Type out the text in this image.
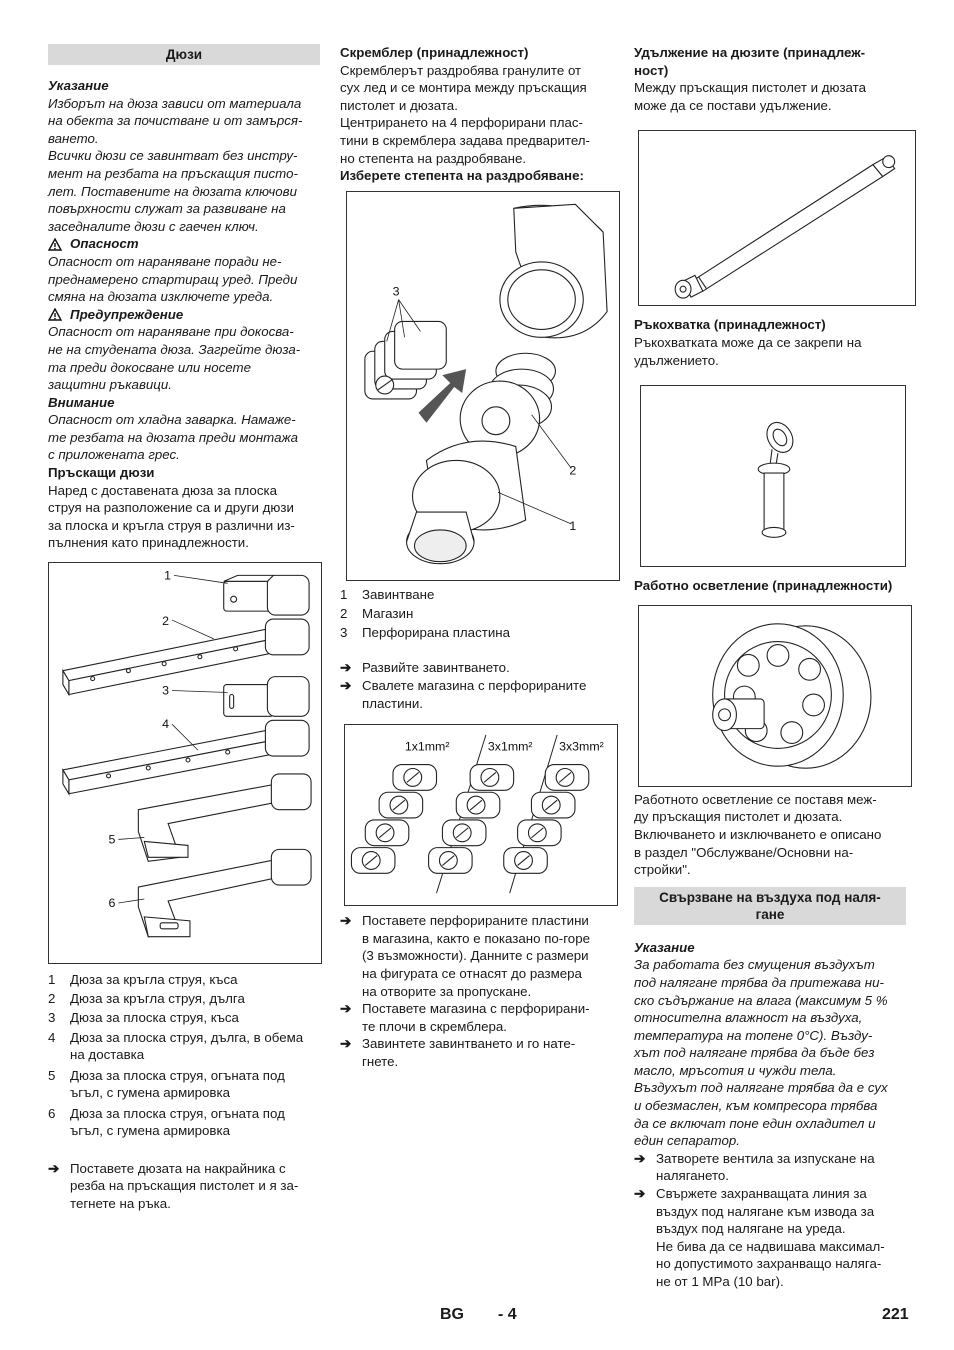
Дюзи

Указание

Изборът на дюза зависи от материала
на обекта за почистване и от замърся-
ването.
Всички дюзи се завинтват без инстру-
мент на резбата на пръскащия писто-
лет. Поставените на дюзата ключови
повърхности служат за развиване на
заседналите дюзи с гаечен ключ.
Опасност
Опасност от нараняване поради не-
преднамерено стартиращ уред. Преди
смяна на дюзата изключете уреда.
Предупреждение
Опасност от нараняване при докосва-
не на студената дюза. Загрейте дюза-
та преди докосване или носете
защитни ръкавици.

Внимание

Опасност от хладна заварка. Намаже-
те резбата на дюзата преди монтажа
с приложената грес.

Пръскащи дюзи

Наред с доставената дюза за плоска
струя на разположение са и други дюзи
за плоска и кръгла струя в различни из-
пълнения като принадлежности.
1
2
3
4
5
6
1	Дюза за кръгла струя, къса
2	Дюза за кръгла струя, дълга
3	Дюза за плоска струя, къса
4	Дюза за плоска струя, дълга, в обема
на доставка
5	Дюза за плоска струя, огъната под
ъгъл, с гумена армировка
6	Дюза за плоска струя, огъната под
ъгъл, с гумена армировка
➔ Поставете дюзата на накрайника с
резба на пръскащия пистолет и я за-
тегнете на ръка.

Скремблер (принадлежност)

Скремблерът раздробява гранулите от
сух лед и се монтира между пръскащия
пистолет и дюзата.
Центрирането на 4 перфорирани плас-
тини в скремблера задава предварител-
но степента на раздробяване.

Изберете степента на раздробяване:

3
2
1
1	Завинтване
2	Магазин
3	Перфорирана пластина
➔ Развийте завинтването.
➔ Свалете магазина с перфорираните
пластини.
1x1mm²	3x1mm² 3x3mm²
➔ Поставете перфорираните пластини
в магазина, както е показано по-горе
(3 възможности). Данните с размери
на фигурата се отнасят до размера
на отворите за пропускане.
➔ Поставете магазина с перфорирани-
те плочи в скремблера.
➔ Завинтете завинтването и го нате-
гнете.
Удължение на дюзите (принадлеж-
ност)
Между пръскащия пистолет и дюзата
може да се постави удължение.

Ръкохватка (принадлежност)

Ръкохватката може да се закрепи на
удължението.

Работно осветление (принадлежности)

Работното осветление се поставя меж-
ду пръскащия пистолет и дюзата.
Включването и изключването е описано
в раздел "Обслужване/Основни на-
стройки".
Свързване на въздуха под наля-
гане

Указание

За работата без смущения въздухът
под налягане трябва да притежава ни-
ско съдържание на влага (максимум 5 %
относителна влажност на въздуха,
температура на топене 0°C). Възду-
хът под налягане трябва да бъде без
масло, мръсотия и чужди тела.
Въздухът под налягане трябва да е сух
и обезмаслен, към компресора трябва
да се включат поне един охладител и
един сепаратор.
➔ Затворете вентила за изпускане на
налягането.
➔ Свържете захранващата линия за
въздух под налягане към извода за
въздух под налягане на уреда.
Не бива да се надвишава максимал-
но допустимото захранващо наляга-
не от 1 MPa (10 bar).
BG - 4	221
